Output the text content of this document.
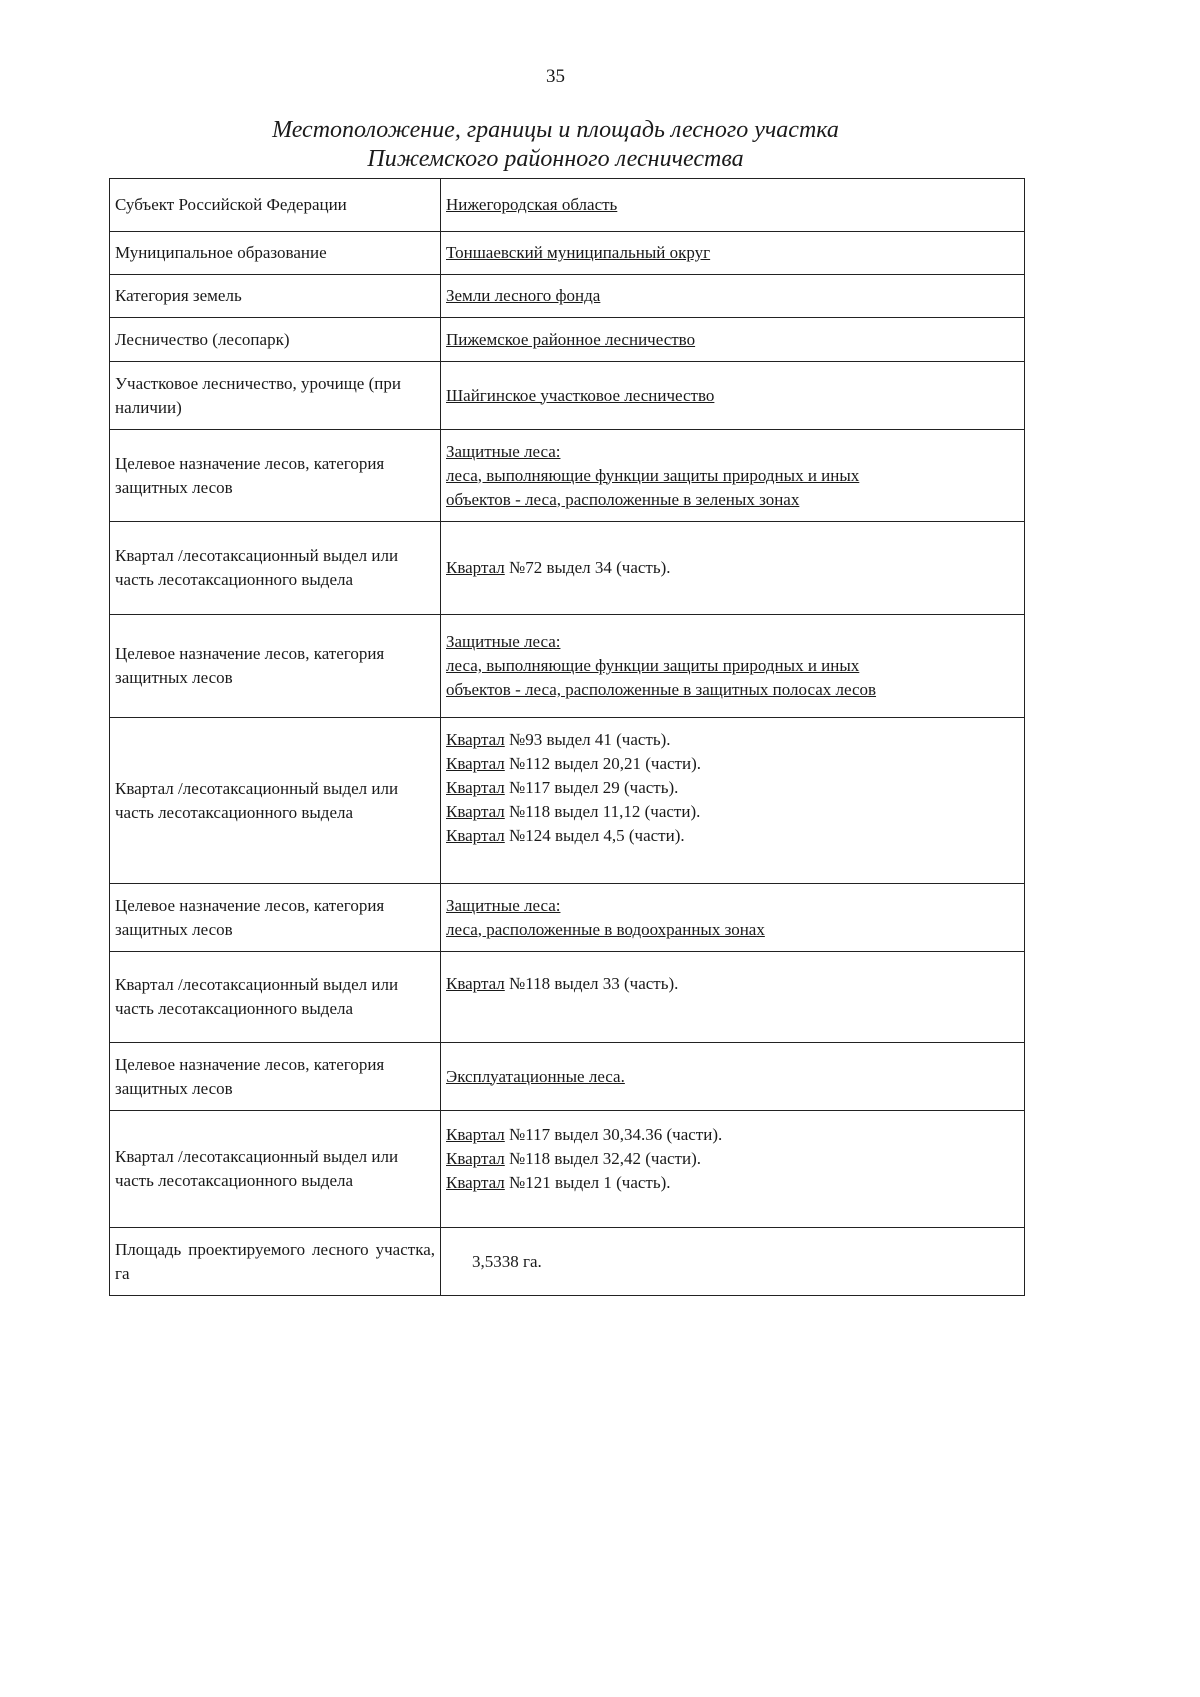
35
Местоположение, границы и площадь лесного участка
Пижемского районного лесничества
Субъект Российской Федерации	Нижегородская область

Муниципальное образование	Тоншаевский муниципальный округ

Категория земель	Земли лесного фонда

Лесничество (лесопарк)	Пижемское районное лесничество

Участковое лесничество, урочище (при наличии)	Шайгинское участковое лесничество

Целевое назначение лесов, категория защитных лесов	Защитные леса:
леса, выполняющие функции защиты природных и иных
объектов - леса, расположенные в зеленых зонах

Квартал /лесотаксационный выдел или часть лесотаксационного выдела	Квартал №72 выдел 34 (часть).

Целевое назначение лесов, категория защитных лесов	Защитные леса:
леса, выполняющие функции защиты природных и иных
объектов - леса, расположенные в защитных полосах лесов

Квартал /лесотаксационный выдел или часть лесотаксационного выдела	Квартал №93 выдел 41 (часть).
Квартал №112 выдел 20,21 (части).
Квартал №117 выдел 29 (часть).
Квартал №118 выдел 11,12 (части).
Квартал №124 выдел 4,5 (части).

Целевое назначение лесов, категория защитных лесов	Защитные леса:
леса, расположенные в водоохранных зонах

Квартал /лесотаксационный выдел или часть лесотаксационного выдела	Квартал №118 выдел 33 (часть).

Целевое назначение лесов, категория защитных лесов	Эксплуатационные леса.

Квартал /лесотаксационный выдел или часть лесотаксационного выдела	Квартал №117 выдел 30,34.36 (части).
Квартал №118 выдел 32,42 (части).
Квартал №121 выдел 1 (часть).

Площадь проектируемого лесного участка, га	3,5338 га.
